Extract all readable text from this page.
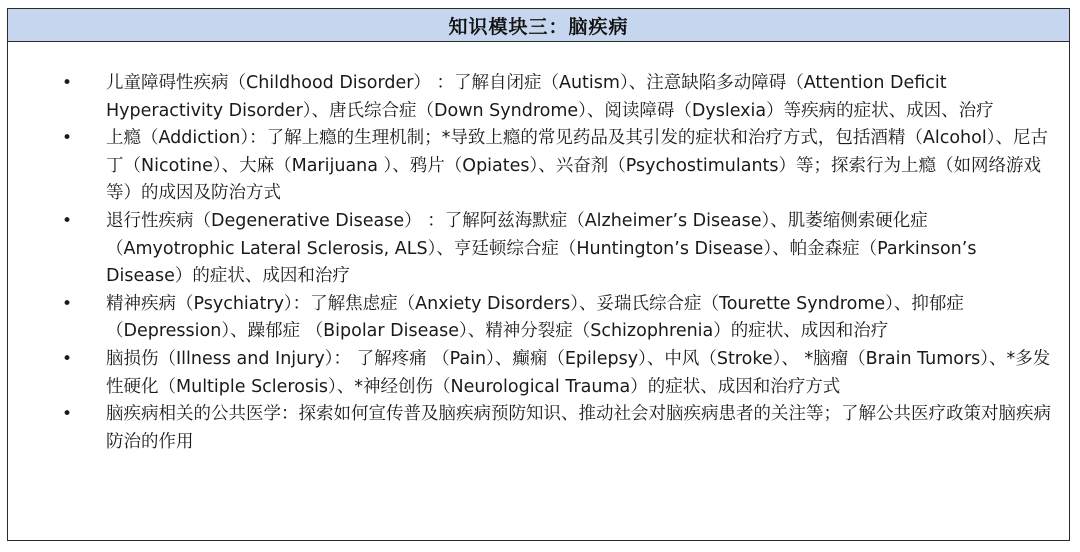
知识模块三：脑疾病
• 儿童障碍性疾病（Childhood Disorder） ：了解自闭症（Autism）、注意缺陷多动障碍（Attention Deficit Hyperactivity Disorder）、唐氏综合症（Down Syndrome）、阅读障碍（Dyslexia）等疾病的症状、成因、治疗
• 上瘾（Addiction）：了解上瘾的生理机制；*导致上瘾的常见药品及其引发的症状和治疗方式，包括酒精（Alcohol）、尼古丁（Nicotine）、大麻（Marijuana ）、鸦片（Opiates）、兴奋剂（Psychostimulants）等；探索行为上瘾（如网络游戏等）的成因及防治方式
• 退行性疾病（Degenerative Disease） ：了解阿兹海默症（Alzheimer’s Disease）、肌萎缩侧索硬化症（Amyotrophic Lateral Sclerosis, ALS）、亨廷顿综合症（Huntington’s Disease）、帕金森症（Parkinson’s Disease）的症状、成因和治疗
• 精神疾病（Psychiatry）：了解焦虑症（Anxiety Disorders）、妥瑞氏综合症（Tourette Syndrome）、抑郁症（Depression）、躁郁症 （Bipolar Disease）、精神分裂症（Schizophrenia）的症状、成因和治疗
• 脑损伤（Illness and Injury）： 了解疼痛 （Pain）、癫痫（Epilepsy）、中风（Stroke）、 *脑瘤（Brain Tumors）、*多发性硬化（Multiple Sclerosis）、*神经创伤（Neurological Trauma）的症状、成因和治疗方式
• 脑疾病相关的公共医学：探索如何宣传普及脑疾病预防知识、推动社会对脑疾病患者的关注等；了解公共医疗政策对脑疾病防治的作用
